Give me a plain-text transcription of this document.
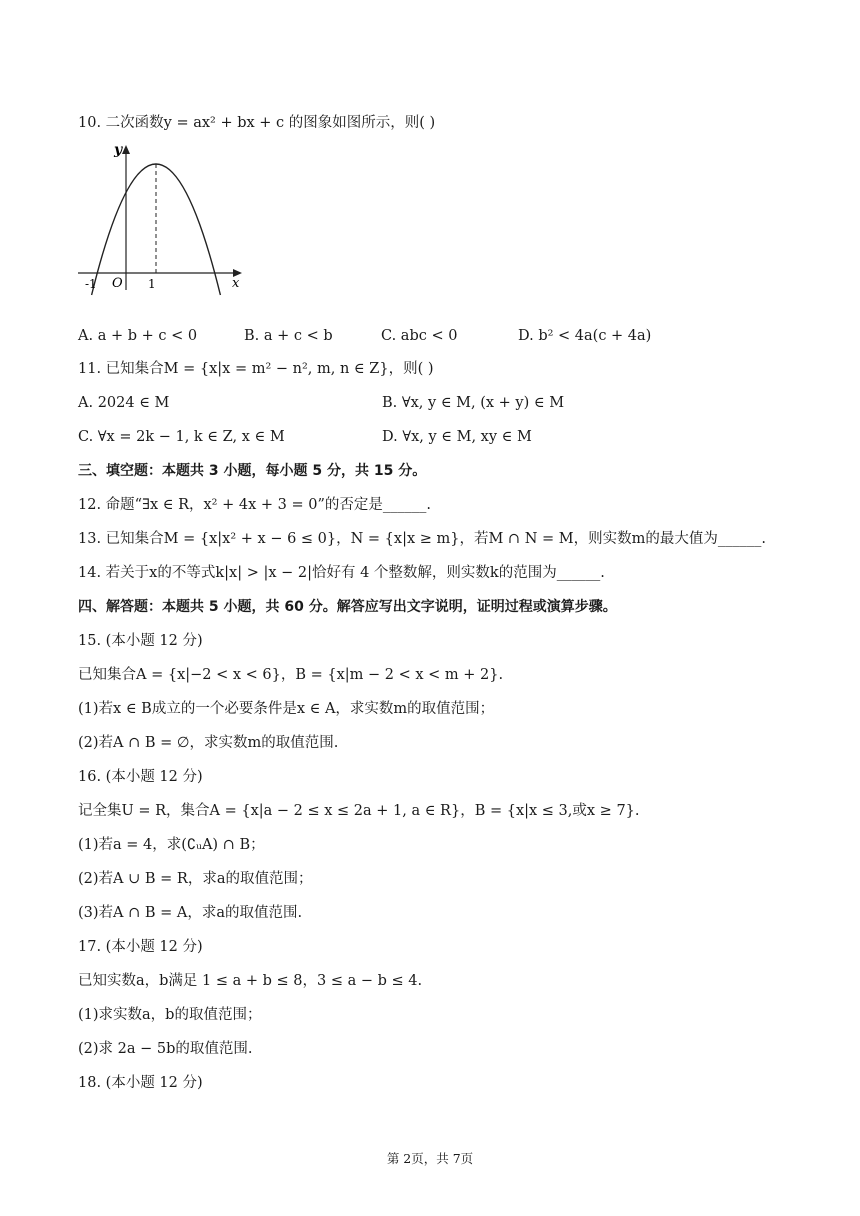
10. 二次函数y = ax² + bx + c 的图象如图所示，则( )
y
x
O
-1	1
A. a + b + c < 0	B. a + c < b	C. abc < 0	D. b² < 4a(c + 4a)
11. 已知集合M = {x|x = m² − n², m, n ∈ Z}，则( )
A. 2024 ∈ M	B. ∀x, y ∈ M, (x + y) ∈ M
C. ∀x = 2k − 1, k ∈ Z, x ∈ M	D. ∀x, y ∈ M, xy ∈ M
三、填空题：本题共 3 小题，每小题 5 分，共 15 分。
12. 命题“∃x ∈ R，x² + 4x + 3 = 0”的否定是______.
13. 已知集合M = {x|x² + x − 6 ≤ 0}，N = {x|x ≥ m}，若M ∩ N = M，则实数m的最大值为______.
14. 若关于x的不等式k|x| > |x − 2|恰好有 4 个整数解，则实数k的范围为______.
四、解答题：本题共 5 小题，共 60 分。解答应写出文字说明，证明过程或演算步骤。
15. (本小题 12 分)
已知集合A = {x|−2 < x < 6}，B = {x|m − 2 < x < m + 2}.
(1)若x ∈ B成立的一个必要条件是x ∈ A，求实数m的取值范围；
(2)若A ∩ B = ∅，求实数m的取值范围.
16. (本小题 12 分)
记全集U = R，集合A = {x|a − 2 ≤ x ≤ 2a + 1, a ∈ R}，B = {x|x ≤ 3,或x ≥ 7}.
(1)若a = 4，求(∁ᵤA) ∩ B；
(2)若A ∪ B = R，求a的取值范围；
(3)若A ∩ B = A，求a的取值范围.
17. (本小题 12 分)
已知实数a，b满足 1 ≤ a + b ≤ 8，3 ≤ a − b ≤ 4.
(1)求实数a，b的取值范围；
(2)求 2a − 5b的取值范围.
18. (本小题 12 分)
第 2页，共 7页
